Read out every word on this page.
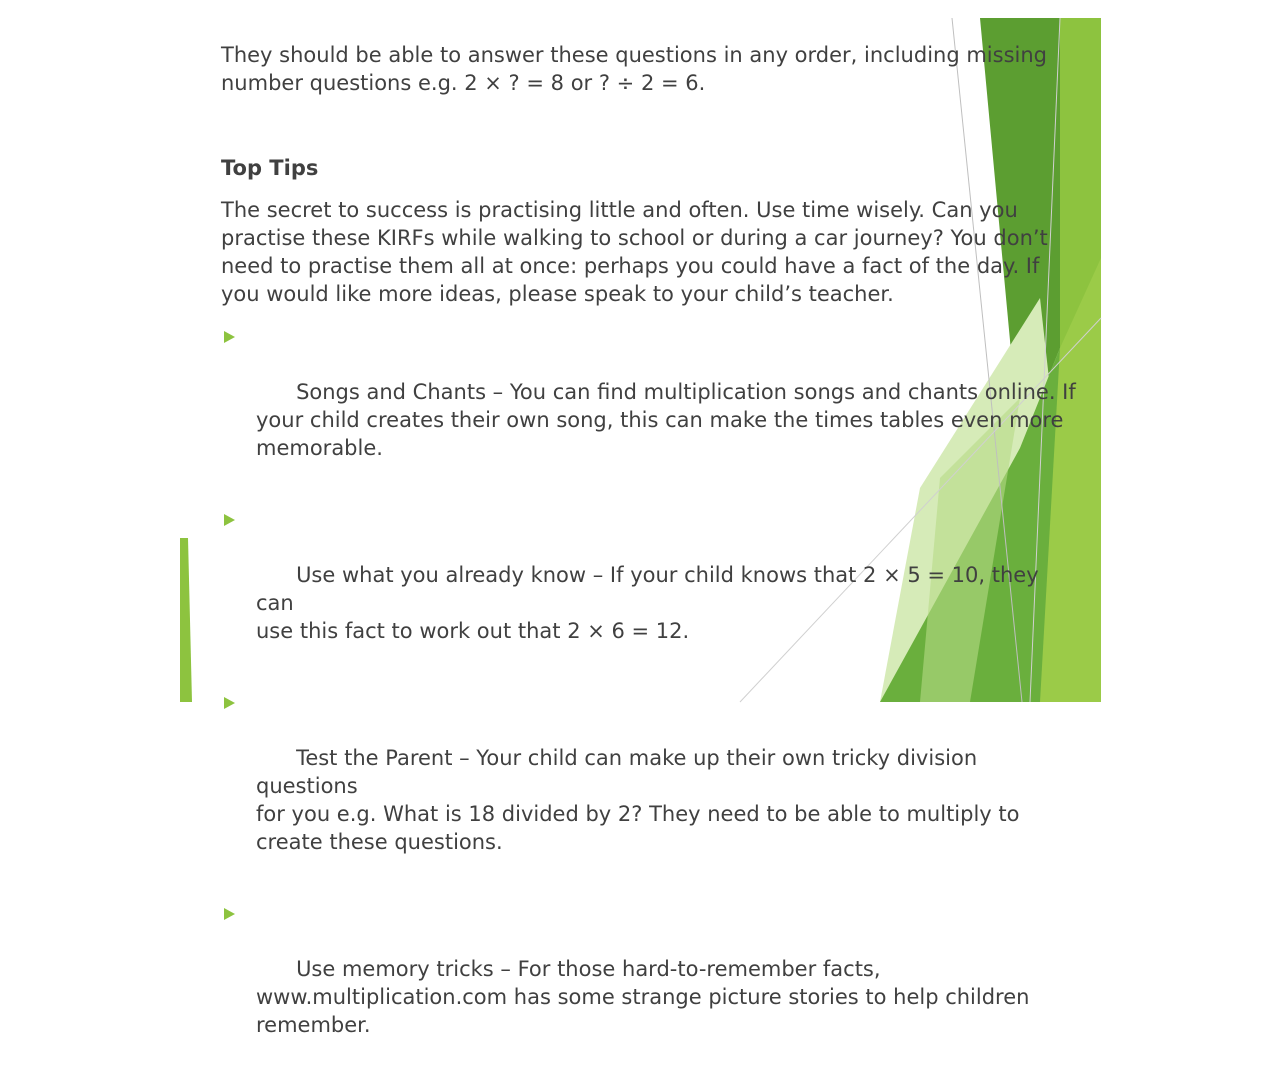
They should be able to answer these questions in any order, including missing
number questions e.g. 2 × ? = 8 or ? ÷ 2 = 6.
Top Tips
The secret to success is practising little and often. Use time wisely. Can you
practise these KIRFs while walking to school or during a car journey? You don’t
need to practise them all at once: perhaps you could have a fact of the day. If
you would like more ideas, please speak to your child’s teacher.

Songs and Chants – You can find multiplication songs and chants online. If
your child creates their own song, this can make the times tables even more
memorable.

Use what you already know – If your child knows that 2 × 5 = 10, they can
use this fact to work out that 2 × 6 = 12.

Test the Parent – Your child can make up their own tricky division questions
for you e.g. What is 18 divided by 2? They need to be able to multiply to
create these questions.

Use memory tricks – For those hard-to-remember facts,
www.multiplication.com has some strange picture stories to help children
remember.
